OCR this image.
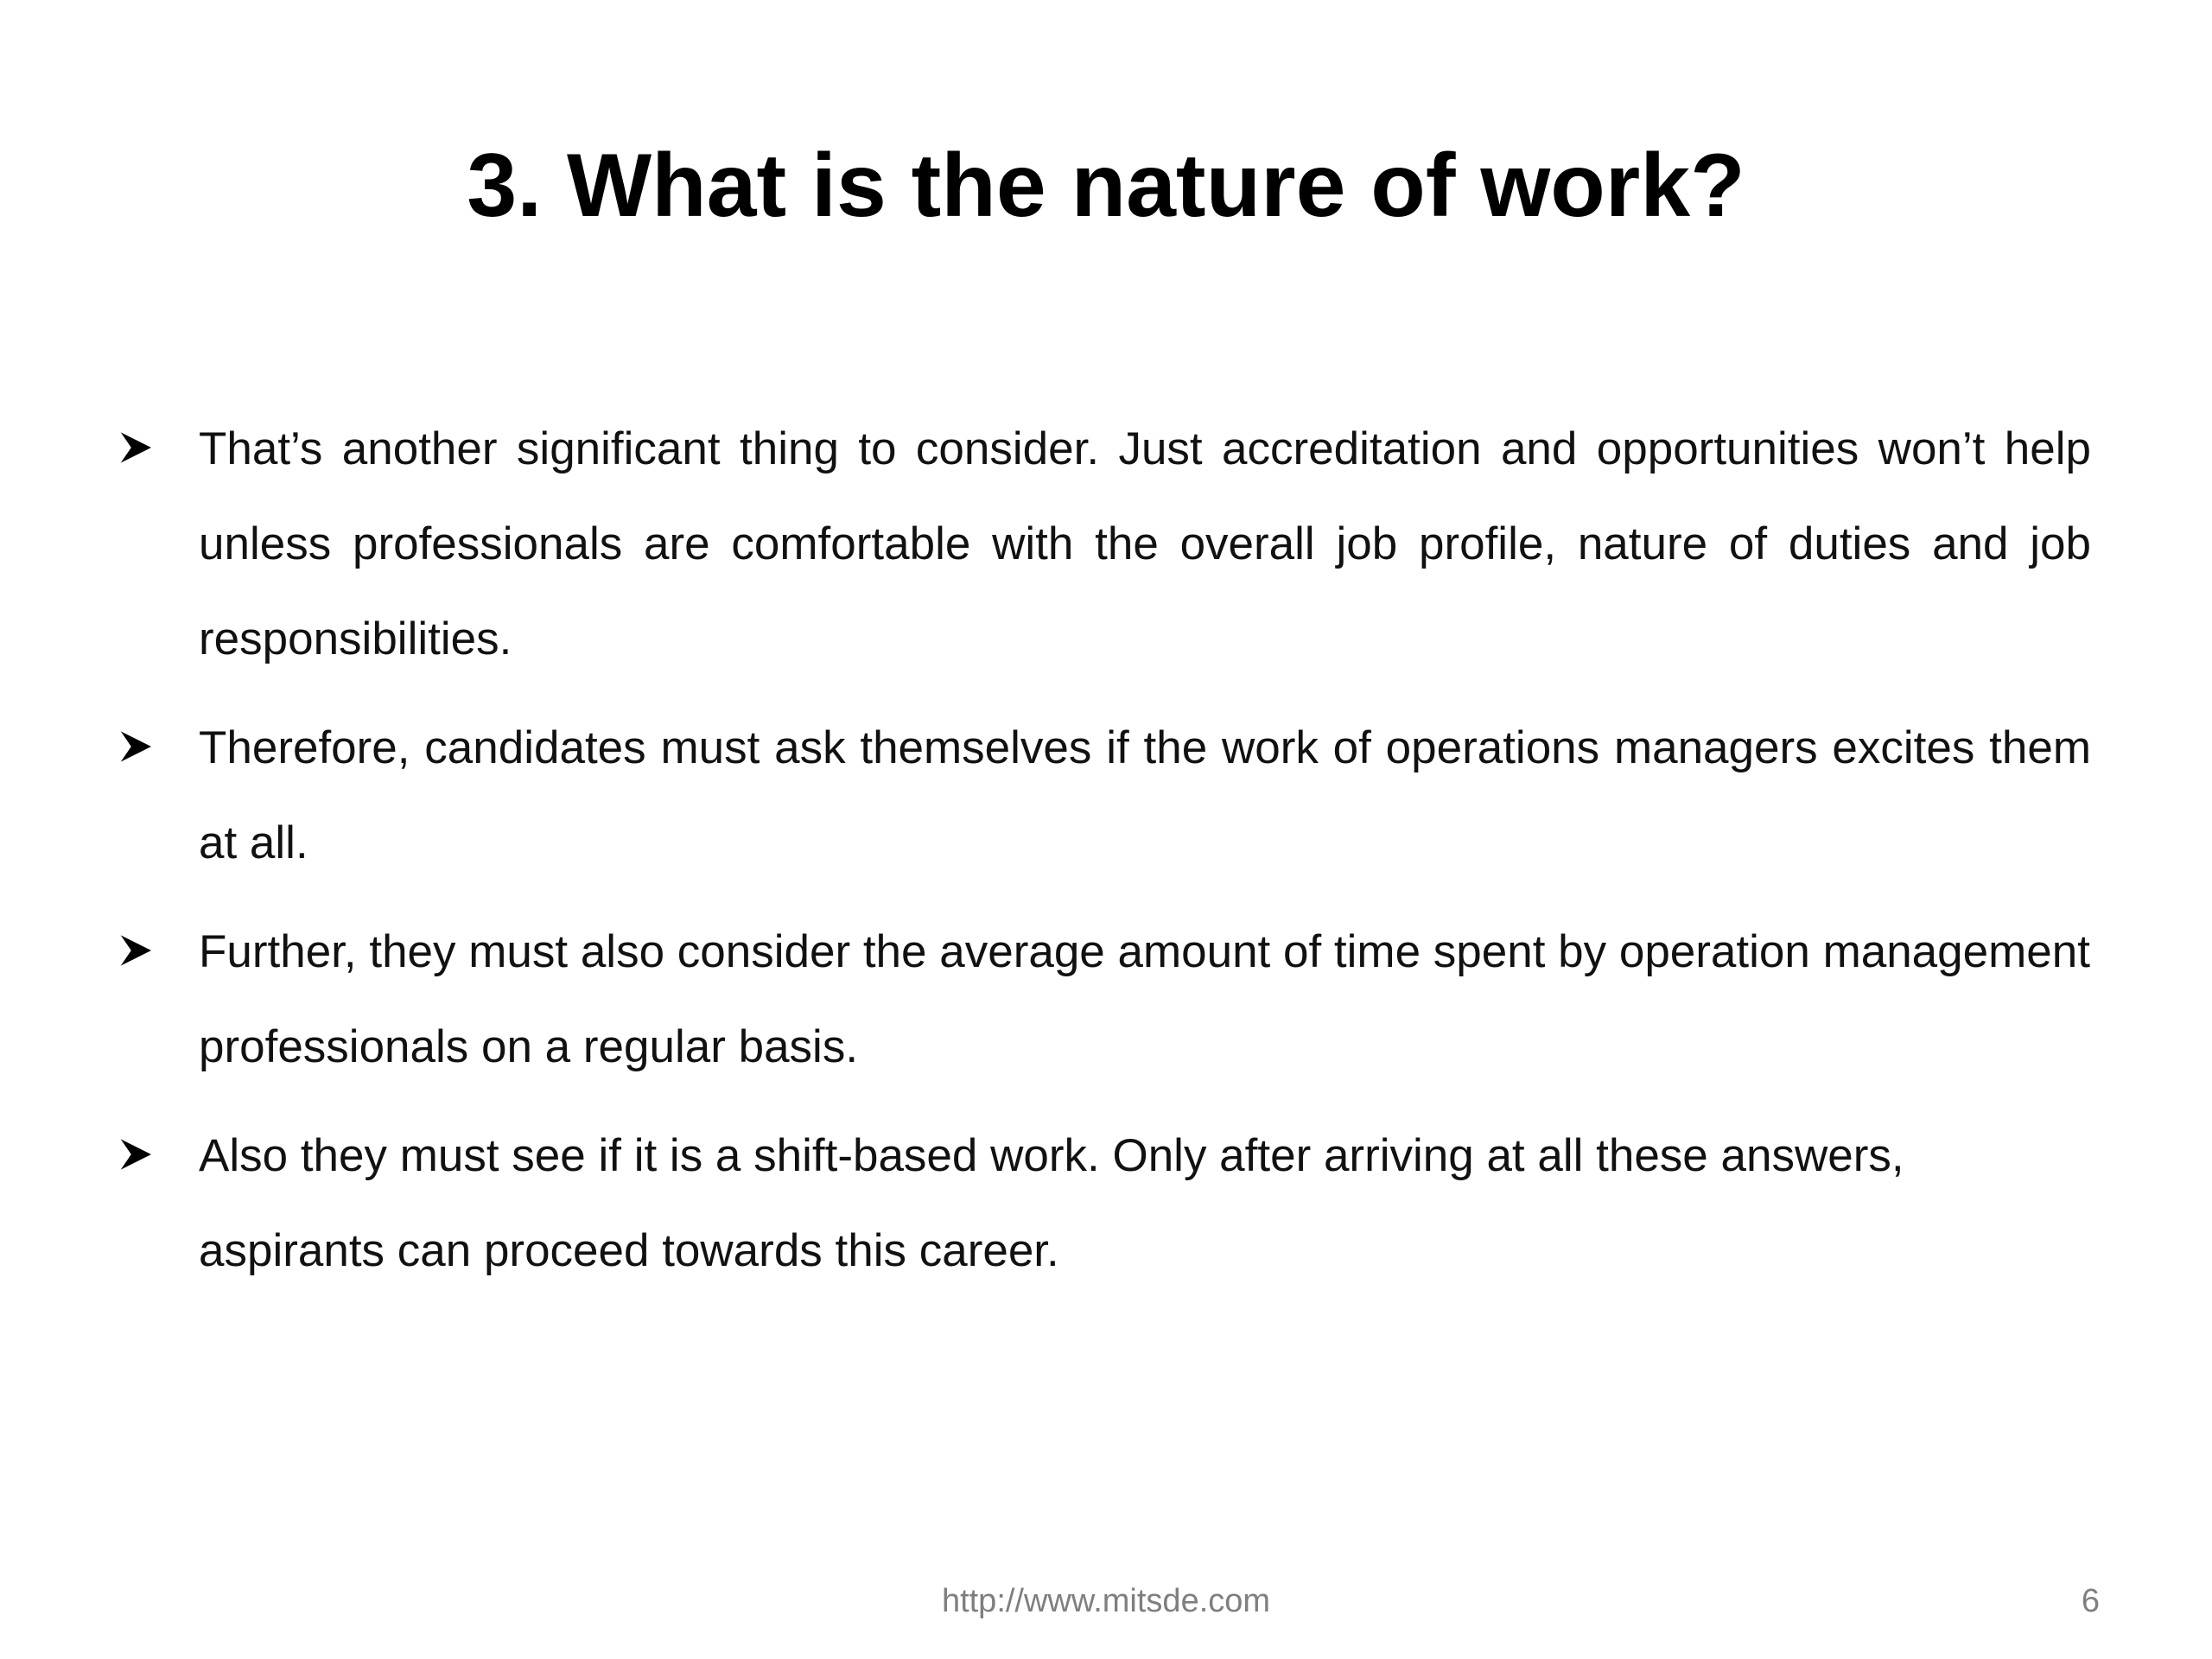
3. What is the nature of work?
That’s another significant thing to consider. Just accreditation and opportunities won’t help unless professionals are comfortable with the overall job profile, nature of duties and job responsibilities.
Therefore, candidates must ask themselves if the work of operations managers excites them at all.
Further, they must also consider the average amount of time spent by operation management professionals on a regular basis.
Also they must see if it is a shift-based work. Only after arriving at all these answers, aspirants can proceed towards this career.
http://www.mitsde.com	6
